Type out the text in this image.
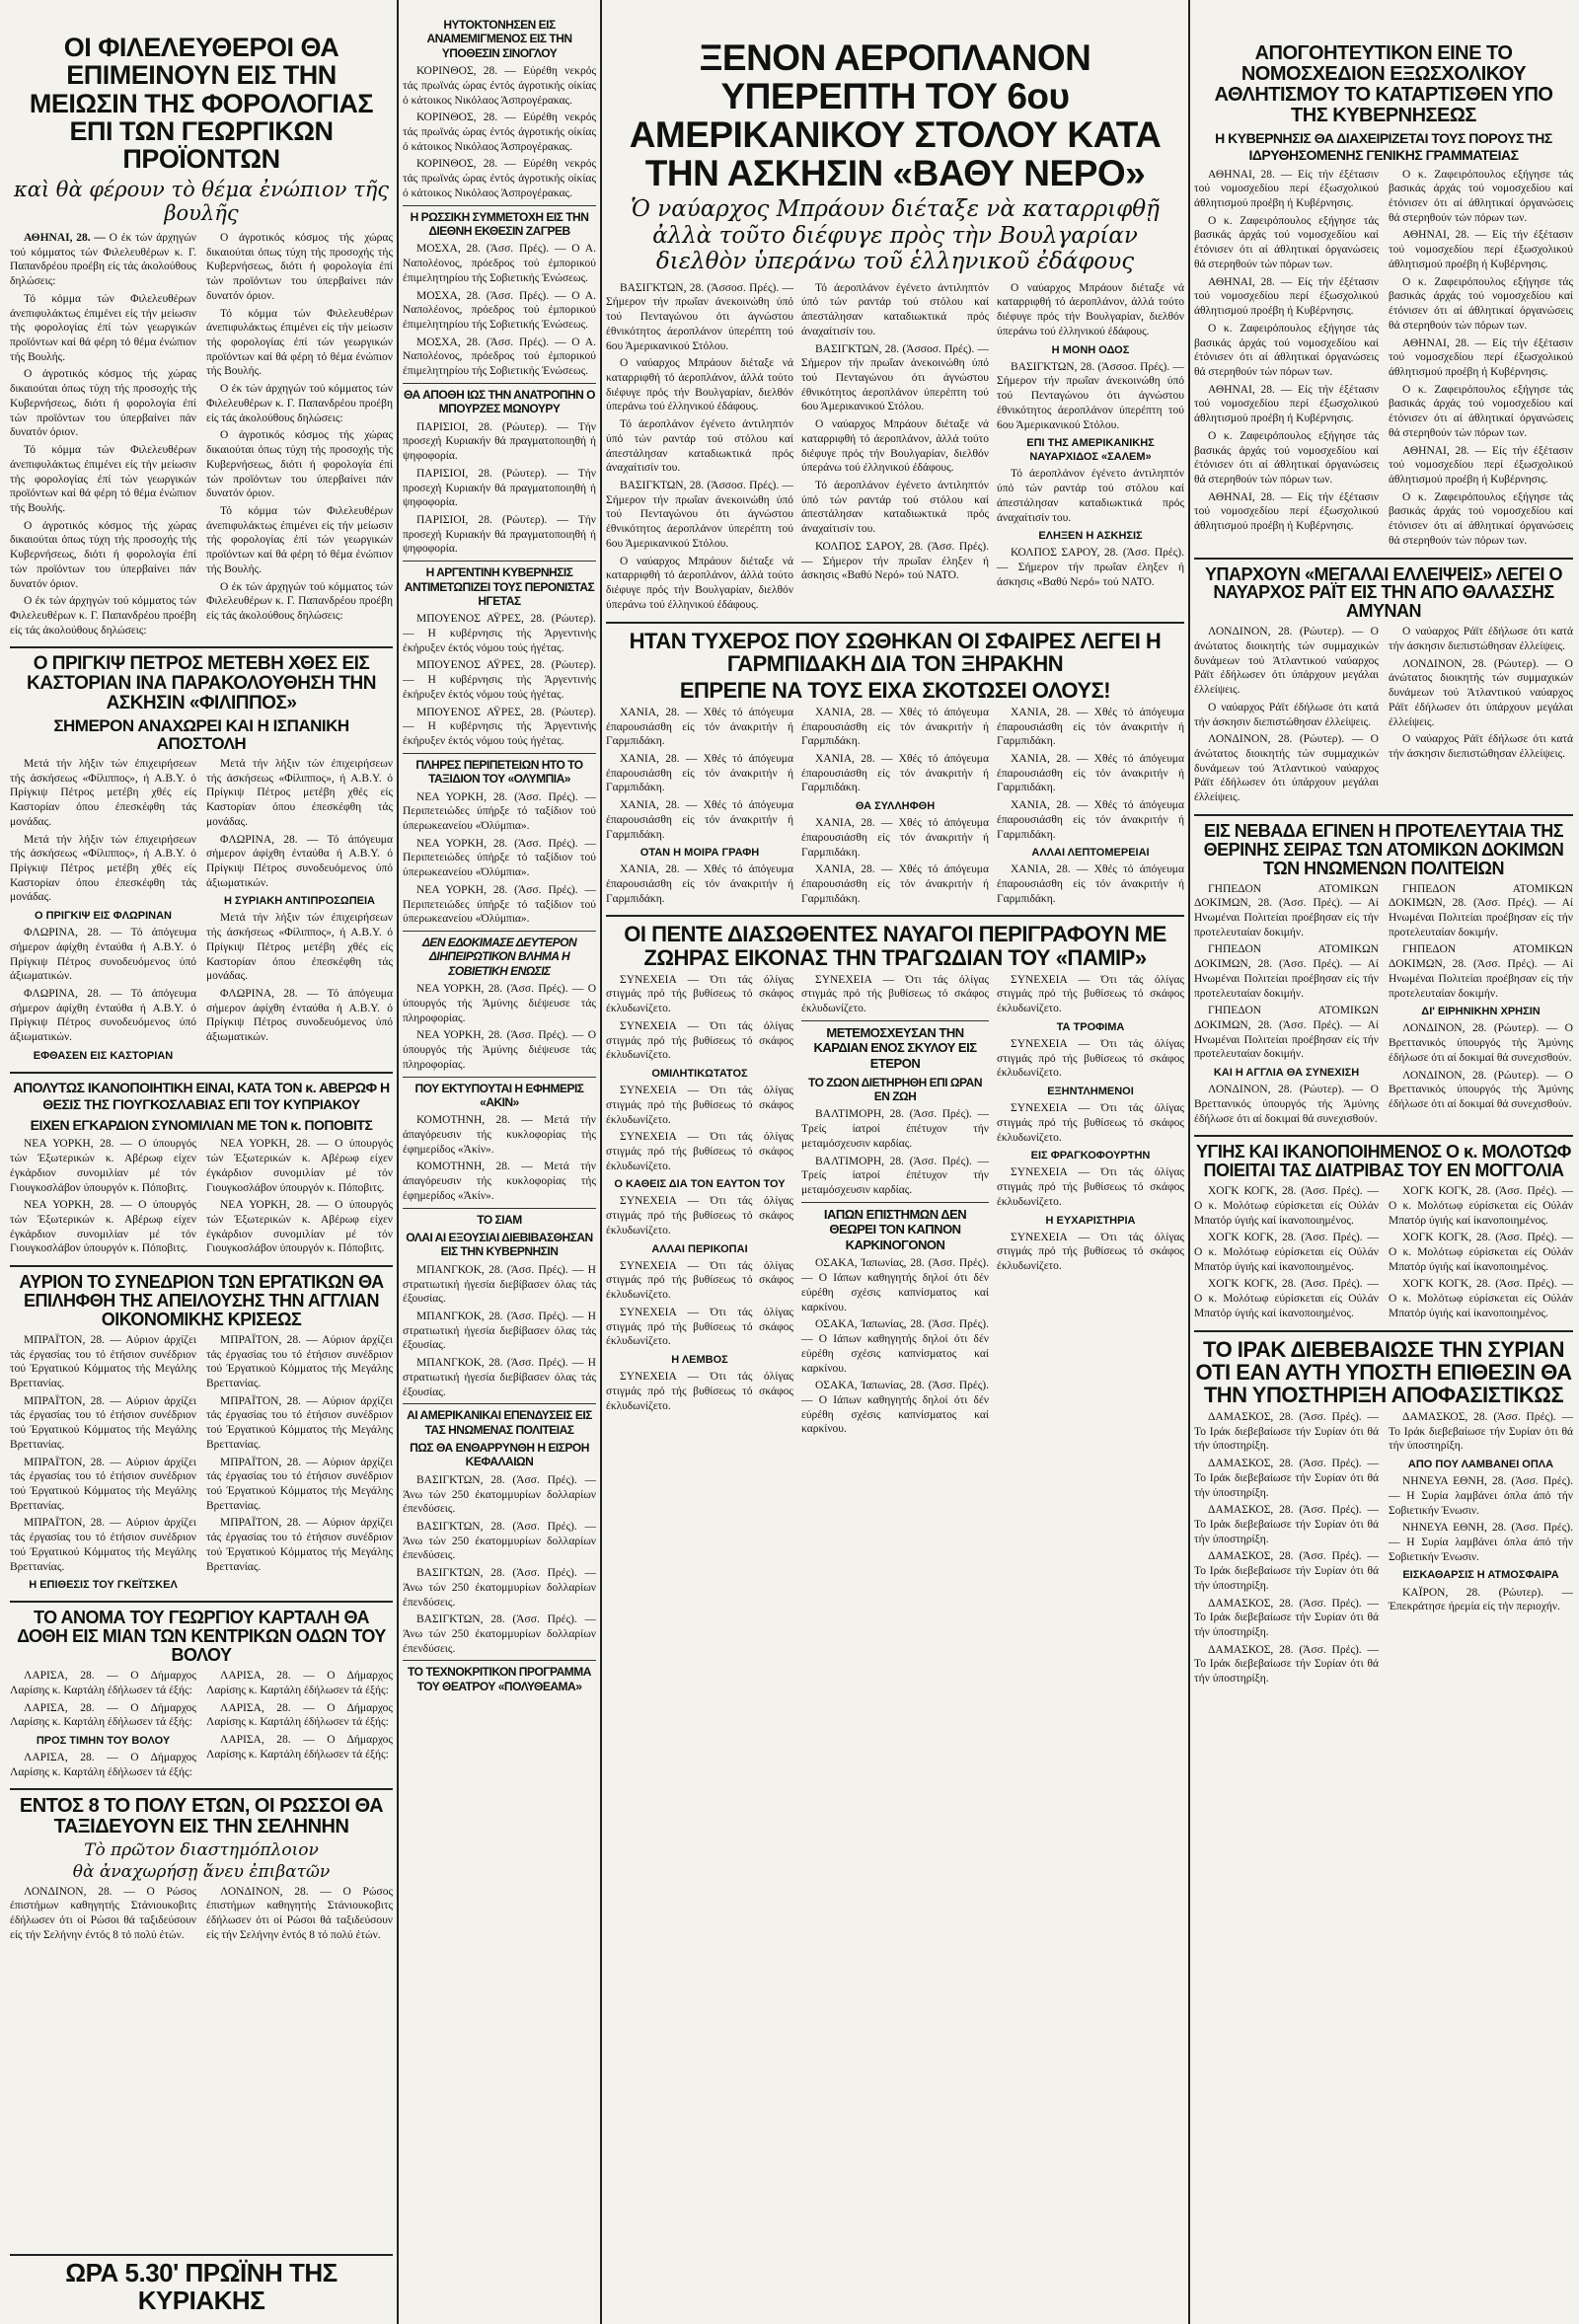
ΟΙ ΦΙΛΕΛΕΥΘΕΡΟΙ ΘΑ ΕΠΙΜΕΙΝΟΥΝ ΕΙΣ ΤΗΝ ΜΕΙΩΣΙΝ ΤΗΣ ΦΟΡΟΛΟΓΙΑΣ ΕΠΙ ΤΩΝ ΓΕΩΡΓΙΚΩΝ ΠΡΟΪΟΝΤΩΝ
καὶ θὰ φέρουν τὸ θέμα ἐνώπιον τῆς βουλῆς

ΑΘΗΝΑΙ, 28. — Ο έκ τών άρχηγών τού κόμματος τών Φιλελευθέρων κ. Γ. Παπανδρέου προέβη είς τάς άκολούθους δηλώσεις:

Τό κόμμα τών Φιλελευθέρων άνεπιφυλάκτως έπιμένει είς τήν μείωσιν τής φορολογίας έπί τών γεωργικών προϊόντων καί θά φέρη τό θέμα ένώπιον τής Βουλής.

Ο άγροτικός κόσμος τής χώρας δικαιούται όπως τύχη τής προσοχής τής Κυβερνήσεως, διότι ή φορολογία έπί τών προϊόντων του ύπερβαίνει πάν δυνατόν όριον.

Τό κόμμα τών Φιλελευθέρων άνεπιφυλάκτως έπιμένει είς τήν μείωσιν τής φορολογίας έπί τών γεωργικών προϊόντων καί θά φέρη τό θέμα ένώπιον τής Βουλής.

Ο άγροτικός κόσμος τής χώρας δικαιούται όπως τύχη τής προσοχής τής Κυβερνήσεως, διότι ή φορολογία έπί τών προϊόντων του ύπερβαίνει πάν δυνατόν όριον.

Ο έκ τών άρχηγών τού κόμματος τών Φιλελευθέρων κ. Γ. Παπανδρέου προέβη είς τάς άκολούθους δηλώσεις:

Ο άγροτικός κόσμος τής χώρας δικαιούται όπως τύχη τής προσοχής τής Κυβερνήσεως, διότι ή φορολογία έπί τών προϊόντων του ύπερβαίνει πάν δυνατόν όριον.

Τό κόμμα τών Φιλελευθέρων άνεπιφυλάκτως έπιμένει είς τήν μείωσιν τής φορολογίας έπί τών γεωργικών προϊόντων καί θά φέρη τό θέμα ένώπιον τής Βουλής.

Ο έκ τών άρχηγών τού κόμματος τών Φιλελευθέρων κ. Γ. Παπανδρέου προέβη είς τάς άκολούθους δηλώσεις:

Ο άγροτικός κόσμος τής χώρας δικαιούται όπως τύχη τής προσοχής τής Κυβερνήσεως, διότι ή φορολογία έπί τών προϊόντων του ύπερβαίνει πάν δυνατόν όριον.

Τό κόμμα τών Φιλελευθέρων άνεπιφυλάκτως έπιμένει είς τήν μείωσιν τής φορολογίας έπί τών γεωργικών προϊόντων καί θά φέρη τό θέμα ένώπιον τής Βουλής.

Ο έκ τών άρχηγών τού κόμματος τών Φιλελευθέρων κ. Γ. Παπανδρέου προέβη είς τάς άκολούθους δηλώσεις:

Ο ΠΡΙΓΚΙΨ ΠΕΤΡΟΣ ΜΕΤΕΒΗ ΧΘΕΣ ΕΙΣ ΚΑΣΤΟΡΙΑΝ ΙΝΑ ΠΑΡΑΚΟΛΟΥΘΗΣΗ ΤΗΝ ΑΣΚΗΣΙΝ «ΦΙΛΙΠΠΟΣ»
ΣΗΜΕΡΟΝ ΑΝΑΧΩΡΕΙ ΚΑΙ Η ΙΣΠΑΝΙΚΗ ΑΠΟΣΤΟΛΗ

Μετά τήν λήξιν τών έπιχειρήσεων τής άσκήσεως «Φίλιππος», ή Α.Β.Υ. ό Πρίγκιψ Πέτρος μετέβη χθές είς Καστορίαν όπου έπεσκέφθη τάς μονάδας.

Μετά τήν λήξιν τών έπιχειρήσεων τής άσκήσεως «Φίλιππος», ή Α.Β.Υ. ό Πρίγκιψ Πέτρος μετέβη χθές είς Καστορίαν όπου έπεσκέφθη τάς μονάδας.

Ο ΠΡΙΓΚΙΨ ΕΙΣ ΦΛΩΡΙΝΑΝ

ΦΛΩΡΙΝΑ, 28. — Τό άπόγευμα σήμερον άφίχθη ένταύθα ή Α.Β.Υ. ό Πρίγκιψ Πέτρος συνοδευόμενος ύπό άξιωματικών.

ΦΛΩΡΙΝΑ, 28. — Τό άπόγευμα σήμερον άφίχθη ένταύθα ή Α.Β.Υ. ό Πρίγκιψ Πέτρος συνοδευόμενος ύπό άξιωματικών.

ΕΦΘΑΣΕΝ ΕΙΣ ΚΑΣΤΟΡΙΑΝ

Μετά τήν λήξιν τών έπιχειρήσεων τής άσκήσεως «Φίλιππος», ή Α.Β.Υ. ό Πρίγκιψ Πέτρος μετέβη χθές είς Καστορίαν όπου έπεσκέφθη τάς μονάδας.

ΦΛΩΡΙΝΑ, 28. — Τό άπόγευμα σήμερον άφίχθη ένταύθα ή Α.Β.Υ. ό Πρίγκιψ Πέτρος συνοδευόμενος ύπό άξιωματικών.

Η ΣΥΡΙΑΚΗ ΑΝΤΙΠΡΟΣΩΠΕΙΑ

Μετά τήν λήξιν τών έπιχειρήσεων τής άσκήσεως «Φίλιππος», ή Α.Β.Υ. ό Πρίγκιψ Πέτρος μετέβη χθές είς Καστορίαν όπου έπεσκέφθη τάς μονάδας.

ΦΛΩΡΙΝΑ, 28. — Τό άπόγευμα σήμερον άφίχθη ένταύθα ή Α.Β.Υ. ό Πρίγκιψ Πέτρος συνοδευόμενος ύπό άξιωματικών.

ΑΠΟΛΥΤΩΣ ΙΚΑΝΟΠΟΙΗΤΙΚΗ ΕΙΝΑΙ, ΚΑΤΑ ΤΟΝ κ. ΑΒΕΡΩΦ Η ΘΕΣΙΣ ΤΗΣ ΓΙΟΥΓΚΟΣΛΑΒΙΑΣ ΕΠΙ ΤΟΥ ΚΥΠΡΙΑΚΟΥ
ΕΙΧΕΝ ΕΓΚΑΡΔΙΟΝ ΣΥΝΟΜΙΛΙΑΝ ΜΕ ΤΟΝ κ. ΠΟΠΟΒΙΤΣ

ΝΕΑ ΥΟΡΚΗ, 28. — Ο ύπουργός τών Έξωτερικών κ. Αβέρωφ είχεν έγκάρδιον συνομιλίαν μέ τόν Γιουγκοσλάβον ύπουργόν κ. Πόποβιτς.

ΝΕΑ ΥΟΡΚΗ, 28. — Ο ύπουργός τών Έξωτερικών κ. Αβέρωφ είχεν έγκάρδιον συνομιλίαν μέ τόν Γιουγκοσλάβον ύπουργόν κ. Πόποβιτς.

ΝΕΑ ΥΟΡΚΗ, 28. — Ο ύπουργός τών Έξωτερικών κ. Αβέρωφ είχεν έγκάρδιον συνομιλίαν μέ τόν Γιουγκοσλάβον ύπουργόν κ. Πόποβιτς.

ΝΕΑ ΥΟΡΚΗ, 28. — Ο ύπουργός τών Έξωτερικών κ. Αβέρωφ είχεν έγκάρδιον συνομιλίαν μέ τόν Γιουγκοσλάβον ύπουργόν κ. Πόποβιτς.

ΑΥΡΙΟΝ ΤΟ ΣΥΝΕΔΡΙΟΝ ΤΩΝ ΕΡΓΑΤΙΚΩΝ ΘΑ ΕΠΙΛΗΦΘΗ ΤΗΣ ΑΠΕΙΛΟΥΣΗΣ ΤΗΝ ΑΓΓΛΙΑΝ ΟΙΚΟΝΟΜΙΚΗΣ ΚΡΙΣΕΩΣ

ΜΠΡΑΪΤΟΝ, 28. — Αύριον άρχίζει τάς έργασίας του τό έτήσιον συνέδριον τού Έργατικού Κόμματος τής Μεγάλης Βρεττανίας.

ΜΠΡΑΪΤΟΝ, 28. — Αύριον άρχίζει τάς έργασίας του τό έτήσιον συνέδριον τού Έργατικού Κόμματος τής Μεγάλης Βρεττανίας.

ΜΠΡΑΪΤΟΝ, 28. — Αύριον άρχίζει τάς έργασίας του τό έτήσιον συνέδριον τού Έργατικού Κόμματος τής Μεγάλης Βρεττανίας.

ΜΠΡΑΪΤΟΝ, 28. — Αύριον άρχίζει τάς έργασίας του τό έτήσιον συνέδριον τού Έργατικού Κόμματος τής Μεγάλης Βρεττανίας.

Η ΕΠΙΘΕΣΙΣ ΤΟΥ ΓΚΕΪΤΣΚΕΛ

ΜΠΡΑΪΤΟΝ, 28. — Αύριον άρχίζει τάς έργασίας του τό έτήσιον συνέδριον τού Έργατικού Κόμματος τής Μεγάλης Βρεττανίας.

ΜΠΡΑΪΤΟΝ, 28. — Αύριον άρχίζει τάς έργασίας του τό έτήσιον συνέδριον τού Έργατικού Κόμματος τής Μεγάλης Βρεττανίας.

ΜΠΡΑΪΤΟΝ, 28. — Αύριον άρχίζει τάς έργασίας του τό έτήσιον συνέδριον τού Έργατικού Κόμματος τής Μεγάλης Βρεττανίας.

ΜΠΡΑΪΤΟΝ, 28. — Αύριον άρχίζει τάς έργασίας του τό έτήσιον συνέδριον τού Έργατικού Κόμματος τής Μεγάλης Βρεττανίας.

ΤΟ ΑΝΟΜΑ ΤΟΥ ΓΕΩΡΓΙΟΥ ΚΑΡΤΑΛΗ ΘΑ ΔΟΘΗ ΕΙΣ ΜΙΑΝ ΤΩΝ ΚΕΝΤΡΙΚΩΝ ΟΔΩΝ ΤΟΥ ΒΟΛΟΥ

ΛΑΡΙΣΑ, 28. — Ο Δήμαρχος Λαρίσης κ. Καρτάλη έδήλωσεν τά έξής:

ΛΑΡΙΣΑ, 28. — Ο Δήμαρχος Λαρίσης κ. Καρτάλη έδήλωσεν τά έξής:

ΠΡΟΣ ΤΙΜΗΝ ΤΟΥ ΒΟΛΟΥ

ΛΑΡΙΣΑ, 28. — Ο Δήμαρχος Λαρίσης κ. Καρτάλη έδήλωσεν τά έξής:

ΛΑΡΙΣΑ, 28. — Ο Δήμαρχος Λαρίσης κ. Καρτάλη έδήλωσεν τά έξής:

ΛΑΡΙΣΑ, 28. — Ο Δήμαρχος Λαρίσης κ. Καρτάλη έδήλωσεν τά έξής:

ΛΑΡΙΣΑ, 28. — Ο Δήμαρχος Λαρίσης κ. Καρτάλη έδήλωσεν τά έξής:

ΕΝΤΟΣ 8 ΤΟ ΠΟΛΥ ΕΤΩΝ, ΟΙ ΡΩΣΣΟΙ ΘΑ ΤΑΞΙΔΕΥΟΥΝ ΕΙΣ ΤΗΝ ΣΕΛΗΝΗΝ
Τὸ πρῶτον διαστημόπλοιον
θὰ ἀναχωρήσῃ ἄνευ ἐπιβατῶν

ΛΟΝΔΙΝΟΝ, 28. — Ο Ρώσος έπιστήμων καθηγητής Στάνιουκοβιτς έδήλωσεν ότι οί Ρώσοι θά ταξιδεύσουν είς τήν Σελήνην έντός 8 τό πολύ έτών.

ΛΟΝΔΙΝΟΝ, 28. — Ο Ρώσος έπιστήμων καθηγητής Στάνιουκοβιτς έδήλωσεν ότι οί Ρώσοι θά ταξιδεύσουν είς τήν Σελήνην έντός 8 τό πολύ έτών.

ΩΡΑ 5.30' ΠΡΩΪΝΗ ΤΗΣ ΚΥΡΙΑΚΗΣ
ΗΥΤΟΚΤΟΝΗΣΕΝ ΕΙΣ ΑΝΑΜΕΜΙΓΜΕΝΟΣ ΕΙΣ ΤΗΝ ΥΠΟΘΕΣΙΝ ΣΙΝΟΓΛΟΥ

ΚΟΡΙΝΘΟΣ, 28. — Εύρέθη νεκρός τάς πρωϊνάς ώρας έντός άγροτικής οίκίας ό κάτοικος Νικόλαος Άσπρογέρακας.

ΚΟΡΙΝΘΟΣ, 28. — Εύρέθη νεκρός τάς πρωϊνάς ώρας έντός άγροτικής οίκίας ό κάτοικος Νικόλαος Άσπρογέρακας.

ΚΟΡΙΝΘΟΣ, 28. — Εύρέθη νεκρός τάς πρωϊνάς ώρας έντός άγροτικής οίκίας ό κάτοικος Νικόλαος Άσπρογέρακας.

Η ΡΩΣΣΙΚΗ ΣΥΜΜΕΤΟΧΗ ΕΙΣ ΤΗΝ ΔΙΕΘΝΗ ΕΚΘΕΣΙΝ ΖΑΓΡΕΒ

ΜΟΣΧΑ, 28. (Άσσ. Πρές). — Ο Α. Ναπολέονος, πρόεδρος τού έμπορικού έπιμελητηρίου τής Σοβιετικής Ένώσεως.

ΜΟΣΧΑ, 28. (Άσσ. Πρές). — Ο Α. Ναπολέονος, πρόεδρος τού έμπορικού έπιμελητηρίου τής Σοβιετικής Ένώσεως.

ΜΟΣΧΑ, 28. (Άσσ. Πρές). — Ο Α. Ναπολέονος, πρόεδρος τού έμπορικού έπιμελητηρίου τής Σοβιετικής Ένώσεως.

ΘΑ ΑΠΟΘΗ ΙΩΣ ΤΗΝ ΑΝΑΤΡΟΠΗΝ Ο ΜΠΟΥΡΖΕΣ ΜΩΝΟΥΡΥ

ΠΑΡΙΣΙΟΙ, 28. (Ρώυτερ). — Τήν προσεχή Κυριακήν θά πραγματοποιηθή ή ψηφοφορία.

ΠΑΡΙΣΙΟΙ, 28. (Ρώυτερ). — Τήν προσεχή Κυριακήν θά πραγματοποιηθή ή ψηφοφορία.

ΠΑΡΙΣΙΟΙ, 28. (Ρώυτερ). — Τήν προσεχή Κυριακήν θά πραγματοποιηθή ή ψηφοφορία.

Η ΑΡΓΕΝΤΙΝΗ ΚΥΒΕΡΝΗΣΙΣ ΑΝΤΙΜΕΤΩΠΙΖΕΙ ΤΟΥΣ ΠΕΡΟΝΙΣΤΑΣ ΗΓΕΤΑΣ

ΜΠΟΥΕΝΟΣ ΑΫΡΕΣ, 28. (Ρώυτερ). — Η κυβέρνησις τής Άργεντινής έκήρυξεν έκτός νόμου τούς ήγέτας.

ΜΠΟΥΕΝΟΣ ΑΫΡΕΣ, 28. (Ρώυτερ). — Η κυβέρνησις τής Άργεντινής έκήρυξεν έκτός νόμου τούς ήγέτας.

ΜΠΟΥΕΝΟΣ ΑΫΡΕΣ, 28. (Ρώυτερ). — Η κυβέρνησις τής Άργεντινής έκήρυξεν έκτός νόμου τούς ήγέτας.

ΠΛΗΡΕΣ ΠΕΡΙΠΕΤΕΙΩΝ ΗΤΟ ΤΟ ΤΑΞΙΔΙΟΝ ΤΟΥ «ΟΛΥΜΠΙΑ»

ΝΕΑ ΥΟΡΚΗ, 28. (Άσσ. Πρές). — Περιπετειώδες ύπήρξε τό ταξίδιον τού ύπερωκεανείου «Όλύμπια».

ΝΕΑ ΥΟΡΚΗ, 28. (Άσσ. Πρές). — Περιπετειώδες ύπήρξε τό ταξίδιον τού ύπερωκεανείου «Όλύμπια».

ΝΕΑ ΥΟΡΚΗ, 28. (Άσσ. Πρές). — Περιπετειώδες ύπήρξε τό ταξίδιον τού ύπερωκεανείου «Όλύμπια».

ΔΕΝ ΕΔΟΚΙΜΑΣΕ ΔΕΥΤΕΡΟΝ ΔΙΗΠΕΙΡΩΤΙΚΟΝ ΒΛΗΜΑ Η ΣΟΒΙΕΤΙΚΗ ΕΝΩΣΙΣ

ΝΕΑ ΥΟΡΚΗ, 28. (Άσσ. Πρές). — Ο ύπουργός τής Άμύνης διέψευσε τάς πληροφορίας.

ΝΕΑ ΥΟΡΚΗ, 28. (Άσσ. Πρές). — Ο ύπουργός τής Άμύνης διέψευσε τάς πληροφορίας.

ΠΟΥ ΕΚΤΥΠΟΥΤΑΙ Η ΕΦΗΜΕΡΙΣ «ΑΚΙΝ»

ΚΟΜΟΤΗΝΗ, 28. — Μετά τήν άπαγόρευσιν τής κυκλοφορίας τής έφημερίδος «Άκίν».

ΚΟΜΟΤΗΝΗ, 28. — Μετά τήν άπαγόρευσιν τής κυκλοφορίας τής έφημερίδος «Άκίν».

ΤΟ ΣΙΑΜ
ΟΛΑΙ ΑΙ ΕΞΟΥΣΙΑΙ ΔΙΕΒΙΒΑΣΘΗΣΑΝ ΕΙΣ ΤΗΝ ΚΥΒΕΡΝΗΣΙΝ

ΜΠΑΝΓΚΟΚ, 28. (Άσσ. Πρές). — Η στρατιωτική ήγεσία διεβίβασεν όλας τάς έξουσίας.

ΜΠΑΝΓΚΟΚ, 28. (Άσσ. Πρές). — Η στρατιωτική ήγεσία διεβίβασεν όλας τάς έξουσίας.

ΜΠΑΝΓΚΟΚ, 28. (Άσσ. Πρές). — Η στρατιωτική ήγεσία διεβίβασεν όλας τάς έξουσίας.

ΑΙ ΑΜΕΡΙΚΑΝΙΚΑΙ ΕΠΕΝΔΥΣΕΙΣ ΕΙΣ ΤΑΣ ΗΝΩΜΕΝΑΣ ΠΟΛΙΤΕΙΑΣ
ΠΩΣ ΘΑ ΕΝΘΑΡΡΥΝΘΗ Η ΕΙΣΡΟΗ ΚΕΦΑΛΑΙΩΝ

ΒΑΣΙΓΚΤΩΝ, 28. (Άσσ. Πρές). — Άνω τών 250 έκατομμυρίων δολλαρίων έπενδύσεις.

ΒΑΣΙΓΚΤΩΝ, 28. (Άσσ. Πρές). — Άνω τών 250 έκατομμυρίων δολλαρίων έπενδύσεις.

ΒΑΣΙΓΚΤΩΝ, 28. (Άσσ. Πρές). — Άνω τών 250 έκατομμυρίων δολλαρίων έπενδύσεις.

ΒΑΣΙΓΚΤΩΝ, 28. (Άσσ. Πρές). — Άνω τών 250 έκατομμυρίων δολλαρίων έπενδύσεις.

ΤΟ ΤΕΧΝΟΚΡΙΤΙΚΟΝ ΠΡΟΓΡΑΜΜΑ ΤΟΥ ΘΕΑΤΡΟΥ «ΠΟΛΥΘΕΑΜΑ»
ΞΕΝΟΝ ΑΕΡΟΠΛΑΝΟΝ ΥΠΕΡΕΠΤΗ ΤΟΥ 6ου ΑΜΕΡΙΚΑΝΙΚΟΥ ΣΤΟΛΟΥ ΚΑΤΑ ΤΗΝ ΑΣΚΗΣΙΝ «ΒΑΘΥ ΝΕΡΟ»
Ὁ ναύαρχος Μπράουν διέταξε νὰ καταρριφθῇ ἀλλὰ τοῦτο διέφυγε πρὸς τὴν Βουλγαρίαν διελθὸν ὑπεράνω τοῦ ἑλληνικοῦ ἐδάφους

ΒΑΣΙΓΚΤΩΝ, 28. (Άσσοσ. Πρές). — Σήμερον τήν πρωΐαν άνεκοινώθη ύπό τού Πενταγώνου ότι άγνώστου έθνικότητος άεροπλάνον ύπερέπτη τού 6ου Άμερικανικού Στόλου.

Ο ναύαρχος Μπράουν διέταξε νά καταρριφθή τό άεροπλάνον, άλλά τούτο διέφυγε πρός τήν Βουλγαρίαν, διελθόν ύπεράνω τού έλληνικού έδάφους.

Τό άεροπλάνον έγένετο άντιληπτόν ύπό τών ραντάρ τού στόλου καί άπεστάλησαν καταδιωκτικά πρός άναχαίτισίν του.

ΒΑΣΙΓΚΤΩΝ, 28. (Άσσοσ. Πρές). — Σήμερον τήν πρωΐαν άνεκοινώθη ύπό τού Πενταγώνου ότι άγνώστου έθνικότητος άεροπλάνον ύπερέπτη τού 6ου Άμερικανικού Στόλου.

Ο ναύαρχος Μπράουν διέταξε νά καταρριφθή τό άεροπλάνον, άλλά τούτο διέφυγε πρός τήν Βουλγαρίαν, διελθόν ύπεράνω τού έλληνικού έδάφους.

Τό άεροπλάνον έγένετο άντιληπτόν ύπό τών ραντάρ τού στόλου καί άπεστάλησαν καταδιωκτικά πρός άναχαίτισίν του.

ΒΑΣΙΓΚΤΩΝ, 28. (Άσσοσ. Πρές). — Σήμερον τήν πρωΐαν άνεκοινώθη ύπό τού Πενταγώνου ότι άγνώστου έθνικότητος άεροπλάνον ύπερέπτη τού 6ου Άμερικανικού Στόλου.

Ο ναύαρχος Μπράουν διέταξε νά καταρριφθή τό άεροπλάνον, άλλά τούτο διέφυγε πρός τήν Βουλγαρίαν, διελθόν ύπεράνω τού έλληνικού έδάφους.

Τό άεροπλάνον έγένετο άντιληπτόν ύπό τών ραντάρ τού στόλου καί άπεστάλησαν καταδιωκτικά πρός άναχαίτισίν του.

ΚΟΛΠΟΣ ΣΑΡΟΥ, 28. (Άσσ. Πρές). — Σήμερον τήν πρωΐαν έληξεν ή άσκησις «Βαθύ Νερό» τού ΝΑΤΟ.

Ο ναύαρχος Μπράουν διέταξε νά καταρριφθή τό άεροπλάνον, άλλά τούτο διέφυγε πρός τήν Βουλγαρίαν, διελθόν ύπεράνω τού έλληνικού έδάφους.

Η ΜΟΝΗ ΟΔΟΣ

ΒΑΣΙΓΚΤΩΝ, 28. (Άσσοσ. Πρές). — Σήμερον τήν πρωΐαν άνεκοινώθη ύπό τού Πενταγώνου ότι άγνώστου έθνικότητος άεροπλάνον ύπερέπτη τού 6ου Άμερικανικού Στόλου.

ΕΠΙ ΤΗΣ ΑΜΕΡΙΚΑΝΙΚΗΣ ΝΑΥΑΡΧΙΔΟΣ «ΣΑΛΕΜ»

Τό άεροπλάνον έγένετο άντιληπτόν ύπό τών ραντάρ τού στόλου καί άπεστάλησαν καταδιωκτικά πρός άναχαίτισίν του.

ΕΛΗΞΕΝ Η ΑΣΚΗΣΙΣ

ΚΟΛΠΟΣ ΣΑΡΟΥ, 28. (Άσσ. Πρές). — Σήμερον τήν πρωΐαν έληξεν ή άσκησις «Βαθύ Νερό» τού ΝΑΤΟ.

ΗΤΑΝ ΤΥΧΕΡΟΣ ΠΟΥ ΣΩΘΗΚΑΝ ΟΙ ΣΦΑΙΡΕΣ ΛΕΓΕΙ Η ΓΑΡΜΠΙΔΑΚΗ ΔΙΑ ΤΟΝ ΞΗΡΑΚΗΝ
ΕΠΡΕΠΕ ΝΑ ΤΟΥΣ ΕΙΧΑ ΣΚΟΤΩΣΕΙ ΟΛΟΥΣ!

ΧΑΝΙΑ, 28. — Χθές τό άπόγευμα έπαρουσιάσθη είς τόν άνακριτήν ή Γαρμπιδάκη.

ΧΑΝΙΑ, 28. — Χθές τό άπόγευμα έπαρουσιάσθη είς τόν άνακριτήν ή Γαρμπιδάκη.

ΧΑΝΙΑ, 28. — Χθές τό άπόγευμα έπαρουσιάσθη είς τόν άνακριτήν ή Γαρμπιδάκη.

ΟΤΑΝ Η ΜΟΙΡΑ ΓΡΑΦΗ

ΧΑΝΙΑ, 28. — Χθές τό άπόγευμα έπαρουσιάσθη είς τόν άνακριτήν ή Γαρμπιδάκη.

ΧΑΝΙΑ, 28. — Χθές τό άπόγευμα έπαρουσιάσθη είς τόν άνακριτήν ή Γαρμπιδάκη.

ΧΑΝΙΑ, 28. — Χθές τό άπόγευμα έπαρουσιάσθη είς τόν άνακριτήν ή Γαρμπιδάκη.

ΘΑ ΣΥΛΛΗΦΘΗ

ΧΑΝΙΑ, 28. — Χθές τό άπόγευμα έπαρουσιάσθη είς τόν άνακριτήν ή Γαρμπιδάκη.

ΧΑΝΙΑ, 28. — Χθές τό άπόγευμα έπαρουσιάσθη είς τόν άνακριτήν ή Γαρμπιδάκη.

ΧΑΝΙΑ, 28. — Χθές τό άπόγευμα έπαρουσιάσθη είς τόν άνακριτήν ή Γαρμπιδάκη.

ΧΑΝΙΑ, 28. — Χθές τό άπόγευμα έπαρουσιάσθη είς τόν άνακριτήν ή Γαρμπιδάκη.

ΧΑΝΙΑ, 28. — Χθές τό άπόγευμα έπαρουσιάσθη είς τόν άνακριτήν ή Γαρμπιδάκη.

ΑΛΛΑΙ ΛΕΠΤΟΜΕΡΕΙΑΙ

ΧΑΝΙΑ, 28. — Χθές τό άπόγευμα έπαρουσιάσθη είς τόν άνακριτήν ή Γαρμπιδάκη.

ΟΙ ΠΕΝΤΕ ΔΙΑΣΩΘΕΝΤΕΣ ΝΑΥΑΓΟΙ ΠΕΡΙΓΡΑΦΟΥΝ ΜΕ ΖΩΗΡΑΣ ΕΙΚΟΝΑΣ ΤΗΝ ΤΡΑΓΩΔΙΑΝ ΤΟΥ «ΠΑΜΙΡ»

ΣΥΝΕΧΕΙΑ — Ότι τάς όλίγας στιγμάς πρό τής βυθίσεως τό σκάφος έκλυδωνίζετο.

ΣΥΝΕΧΕΙΑ — Ότι τάς όλίγας στιγμάς πρό τής βυθίσεως τό σκάφος έκλυδωνίζετο.

ΟΜΙΛΗΤΙΚΩΤΑΤΟΣ

ΣΥΝΕΧΕΙΑ — Ότι τάς όλίγας στιγμάς πρό τής βυθίσεως τό σκάφος έκλυδωνίζετο.

ΣΥΝΕΧΕΙΑ — Ότι τάς όλίγας στιγμάς πρό τής βυθίσεως τό σκάφος έκλυδωνίζετο.

Ο ΚΑΘΕΙΣ ΔΙΑ ΤΟΝ ΕΑΥΤΟΝ ΤΟΥ

ΣΥΝΕΧΕΙΑ — Ότι τάς όλίγας στιγμάς πρό τής βυθίσεως τό σκάφος έκλυδωνίζετο.

ΑΛΛΑΙ ΠΕΡΙΚΟΠΑΙ

ΣΥΝΕΧΕΙΑ — Ότι τάς όλίγας στιγμάς πρό τής βυθίσεως τό σκάφος έκλυδωνίζετο.

ΣΥΝΕΧΕΙΑ — Ότι τάς όλίγας στιγμάς πρό τής βυθίσεως τό σκάφος έκλυδωνίζετο.

Η ΛΕΜΒΟΣ

ΣΥΝΕΧΕΙΑ — Ότι τάς όλίγας στιγμάς πρό τής βυθίσεως τό σκάφος έκλυδωνίζετο.

ΣΥΝΕΧΕΙΑ — Ότι τάς όλίγας στιγμάς πρό τής βυθίσεως τό σκάφος έκλυδωνίζετο.

ΜΕΤΕΜΟΣΧΕΥΣΑΝ ΤΗΝ ΚΑΡΔΙΑΝ ΕΝΟΣ ΣΚΥΛΟΥ ΕΙΣ ΕΤΕΡΟΝ
ΤΟ ΖΩΟΝ ΔΙΕΤΗΡΗΘΗ ΕΠΙ ΩΡΑΝ ΕΝ ΖΩΗ

ΒΑΛΤΙΜΟΡΗ, 28. (Άσσ. Πρές). — Τρείς ίατροί έπέτυχον τήν μεταμόσχευσιν καρδίας.

ΒΑΛΤΙΜΟΡΗ, 28. (Άσσ. Πρές). — Τρείς ίατροί έπέτυχον τήν μεταμόσχευσιν καρδίας.

ΙΑΠΩΝ ΕΠΙΣΤΗΜΩΝ ΔΕΝ ΘΕΩΡΕΙ ΤΟΝ ΚΑΠΝΟΝ ΚΑΡΚΙΝΟΓΟΝΟΝ

ΟΣΑΚΑ, Ίαπωνίας, 28. (Άσσ. Πρές). — Ο Ιάπων καθηγητής δηλοί ότι δέν εύρέθη σχέσις καπνίσματος καί καρκίνου.

ΟΣΑΚΑ, Ίαπωνίας, 28. (Άσσ. Πρές). — Ο Ιάπων καθηγητής δηλοί ότι δέν εύρέθη σχέσις καπνίσματος καί καρκίνου.

ΟΣΑΚΑ, Ίαπωνίας, 28. (Άσσ. Πρές). — Ο Ιάπων καθηγητής δηλοί ότι δέν εύρέθη σχέσις καπνίσματος καί καρκίνου.

ΣΥΝΕΧΕΙΑ — Ότι τάς όλίγας στιγμάς πρό τής βυθίσεως τό σκάφος έκλυδωνίζετο.

ΤΑ ΤΡΟΦΙΜΑ

ΣΥΝΕΧΕΙΑ — Ότι τάς όλίγας στιγμάς πρό τής βυθίσεως τό σκάφος έκλυδωνίζετο.

ΕΞΗΝΤΛΗΜΕΝΟΙ

ΣΥΝΕΧΕΙΑ — Ότι τάς όλίγας στιγμάς πρό τής βυθίσεως τό σκάφος έκλυδωνίζετο.

ΕΙΣ ΦΡΑΓΚΟΦΟΥΡΤΗΝ

ΣΥΝΕΧΕΙΑ — Ότι τάς όλίγας στιγμάς πρό τής βυθίσεως τό σκάφος έκλυδωνίζετο.

Η ΕΥΧΑΡΙΣΤΗΡΙΑ

ΣΥΝΕΧΕΙΑ — Ότι τάς όλίγας στιγμάς πρό τής βυθίσεως τό σκάφος έκλυδωνίζετο.

ΑΠΟΓΟΗΤΕΥΤΙΚΟΝ ΕΙΝΕ ΤΟ ΝΟΜΟΣΧΕΔΙΟΝ ΕΞΩΣΧΟΛΙΚΟΥ ΑΘΛΗΤΙΣΜΟΥ ΤΟ ΚΑΤΑΡΤΙΣΘΕΝ ΥΠΟ ΤΗΣ ΚΥΒΕΡΝΗΣΕΩΣ
Η ΚΥΒΕΡΝΗΣΙΣ ΘΑ ΔΙΑΧΕΙΡΙΖΕΤΑΙ ΤΟΥΣ ΠΟΡΟΥΣ ΤΗΣ ΙΔΡΥΘΗΣΟΜΕΝΗΣ ΓΕΝΙΚΗΣ ΓΡΑΜΜΑΤΕΙΑΣ

ΑΘΗΝΑΙ, 28. — Είς τήν έξέτασιν τού νομοσχεδίου περί έξωσχολικού άθλητισμού προέβη ή Κυβέρνησις.

Ο κ. Ζαφειρόπουλος εξήγησε τάς βασικάς άρχάς τού νομοσχεδίου καί έτόνισεν ότι αί άθλητικαί όργανώσεις θά στερηθούν τών πόρων των.

ΑΘΗΝΑΙ, 28. — Είς τήν έξέτασιν τού νομοσχεδίου περί έξωσχολικού άθλητισμού προέβη ή Κυβέρνησις.

Ο κ. Ζαφειρόπουλος εξήγησε τάς βασικάς άρχάς τού νομοσχεδίου καί έτόνισεν ότι αί άθλητικαί όργανώσεις θά στερηθούν τών πόρων των.

ΑΘΗΝΑΙ, 28. — Είς τήν έξέτασιν τού νομοσχεδίου περί έξωσχολικού άθλητισμού προέβη ή Κυβέρνησις.

Ο κ. Ζαφειρόπουλος εξήγησε τάς βασικάς άρχάς τού νομοσχεδίου καί έτόνισεν ότι αί άθλητικαί όργανώσεις θά στερηθούν τών πόρων των.

ΑΘΗΝΑΙ, 28. — Είς τήν έξέτασιν τού νομοσχεδίου περί έξωσχολικού άθλητισμού προέβη ή Κυβέρνησις.

Ο κ. Ζαφειρόπουλος εξήγησε τάς βασικάς άρχάς τού νομοσχεδίου καί έτόνισεν ότι αί άθλητικαί όργανώσεις θά στερηθούν τών πόρων των.

ΑΘΗΝΑΙ, 28. — Είς τήν έξέτασιν τού νομοσχεδίου περί έξωσχολικού άθλητισμού προέβη ή Κυβέρνησις.

Ο κ. Ζαφειρόπουλος εξήγησε τάς βασικάς άρχάς τού νομοσχεδίου καί έτόνισεν ότι αί άθλητικαί όργανώσεις θά στερηθούν τών πόρων των.

ΑΘΗΝΑΙ, 28. — Είς τήν έξέτασιν τού νομοσχεδίου περί έξωσχολικού άθλητισμού προέβη ή Κυβέρνησις.

Ο κ. Ζαφειρόπουλος εξήγησε τάς βασικάς άρχάς τού νομοσχεδίου καί έτόνισεν ότι αί άθλητικαί όργανώσεις θά στερηθούν τών πόρων των.

ΑΘΗΝΑΙ, 28. — Είς τήν έξέτασιν τού νομοσχεδίου περί έξωσχολικού άθλητισμού προέβη ή Κυβέρνησις.

Ο κ. Ζαφειρόπουλος εξήγησε τάς βασικάς άρχάς τού νομοσχεδίου καί έτόνισεν ότι αί άθλητικαί όργανώσεις θά στερηθούν τών πόρων των.

ΥΠΑΡΧΟΥΝ «ΜΕΓΑΛΑΙ ΕΛΛΕΙΨΕΙΣ» ΛΕΓΕΙ Ο ΝΑΥΑΡΧΟΣ ΡΑΪΤ ΕΙΣ ΤΗΝ ΑΠΟ ΘΑΛΑΣΣΗΣ ΑΜΥΝΑΝ

ΛΟΝΔΙΝΟΝ, 28. (Ρώυτερ). — Ο άνώτατος διοικητής τών συμμαχικών δυνάμεων τού Άτλαντικού ναύαρχος Ράϊτ έδήλωσεν ότι ύπάρχουν μεγάλαι έλλείψεις.

Ο ναύαρχος Ράϊτ έδήλωσε ότι κατά τήν άσκησιν διεπιστώθησαν έλλείψεις.

ΛΟΝΔΙΝΟΝ, 28. (Ρώυτερ). — Ο άνώτατος διοικητής τών συμμαχικών δυνάμεων τού Άτλαντικού ναύαρχος Ράϊτ έδήλωσεν ότι ύπάρχουν μεγάλαι έλλείψεις.

Ο ναύαρχος Ράϊτ έδήλωσε ότι κατά τήν άσκησιν διεπιστώθησαν έλλείψεις.

ΛΟΝΔΙΝΟΝ, 28. (Ρώυτερ). — Ο άνώτατος διοικητής τών συμμαχικών δυνάμεων τού Άτλαντικού ναύαρχος Ράϊτ έδήλωσεν ότι ύπάρχουν μεγάλαι έλλείψεις.

Ο ναύαρχος Ράϊτ έδήλωσε ότι κατά τήν άσκησιν διεπιστώθησαν έλλείψεις.

ΕΙΣ ΝΕΒΑΔΑ ΕΓΙΝΕΝ Η ΠΡΟΤΕΛΕΥΤΑΙΑ ΤΗΣ ΘΕΡΙΝΗΣ ΣΕΙΡΑΣ ΤΩΝ ΑΤΟΜΙΚΩΝ ΔΟΚΙΜΩΝ ΤΩΝ ΗΝΩΜΕΝΩΝ ΠΟΛΙΤΕΙΩΝ

ΓΗΠΕΔΟΝ ΑΤΟΜΙΚΩΝ ΔΟΚΙΜΩΝ, 28. (Άσσ. Πρές). — Αί Ηνωμέναι Πολιτείαι προέβησαν είς τήν προτελευταίαν δοκιμήν.

ΓΗΠΕΔΟΝ ΑΤΟΜΙΚΩΝ ΔΟΚΙΜΩΝ, 28. (Άσσ. Πρές). — Αί Ηνωμέναι Πολιτείαι προέβησαν είς τήν προτελευταίαν δοκιμήν.

ΓΗΠΕΔΟΝ ΑΤΟΜΙΚΩΝ ΔΟΚΙΜΩΝ, 28. (Άσσ. Πρές). — Αί Ηνωμέναι Πολιτείαι προέβησαν είς τήν προτελευταίαν δοκιμήν.

ΚΑΙ Η ΑΓΓΛΙΑ ΘΑ ΣΥΝΕΧΙΣΗ

ΛΟΝΔΙΝΟΝ, 28. (Ρώυτερ). — Ο Βρεττανικός ύπουργός τής Άμύνης έδήλωσε ότι αί δοκιμαί θά συνεχισθούν.

ΓΗΠΕΔΟΝ ΑΤΟΜΙΚΩΝ ΔΟΚΙΜΩΝ, 28. (Άσσ. Πρές). — Αί Ηνωμέναι Πολιτείαι προέβησαν είς τήν προτελευταίαν δοκιμήν.

ΓΗΠΕΔΟΝ ΑΤΟΜΙΚΩΝ ΔΟΚΙΜΩΝ, 28. (Άσσ. Πρές). — Αί Ηνωμέναι Πολιτείαι προέβησαν είς τήν προτελευταίαν δοκιμήν.

ΔΙ' ΕΙΡΗΝΙΚΗΝ ΧΡΗΣΙΝ

ΛΟΝΔΙΝΟΝ, 28. (Ρώυτερ). — Ο Βρεττανικός ύπουργός τής Άμύνης έδήλωσε ότι αί δοκιμαί θά συνεχισθούν.

ΛΟΝΔΙΝΟΝ, 28. (Ρώυτερ). — Ο Βρεττανικός ύπουργός τής Άμύνης έδήλωσε ότι αί δοκιμαί θά συνεχισθούν.

ΥΓΙΗΣ ΚΑΙ ΙΚΑΝΟΠΟΙΗΜΕΝΟΣ Ο κ. ΜΟΛΟΤΩΦ ΠΟΙΕΙΤΑΙ ΤΑΣ ΔΙΑΤΡΙΒΑΣ ΤΟΥ ΕΝ ΜΟΓΓΟΛΙΑ

ΧΟΓΚ ΚΟΓΚ, 28. (Άσσ. Πρές). — Ο κ. Μολότωφ εύρίσκεται είς Ούλάν Μπατόρ ύγιής καί ίκανοποιημένος.

ΧΟΓΚ ΚΟΓΚ, 28. (Άσσ. Πρές). — Ο κ. Μολότωφ εύρίσκεται είς Ούλάν Μπατόρ ύγιής καί ίκανοποιημένος.

ΧΟΓΚ ΚΟΓΚ, 28. (Άσσ. Πρές). — Ο κ. Μολότωφ εύρίσκεται είς Ούλάν Μπατόρ ύγιής καί ίκανοποιημένος.

ΧΟΓΚ ΚΟΓΚ, 28. (Άσσ. Πρές). — Ο κ. Μολότωφ εύρίσκεται είς Ούλάν Μπατόρ ύγιής καί ίκανοποιημένος.

ΧΟΓΚ ΚΟΓΚ, 28. (Άσσ. Πρές). — Ο κ. Μολότωφ εύρίσκεται είς Ούλάν Μπατόρ ύγιής καί ίκανοποιημένος.

ΧΟΓΚ ΚΟΓΚ, 28. (Άσσ. Πρές). — Ο κ. Μολότωφ εύρίσκεται είς Ούλάν Μπατόρ ύγιής καί ίκανοποιημένος.

ΤΟ ΙΡΑΚ ΔΙΕΒΕΒΑΙΩΣΕ ΤΗΝ ΣΥΡΙΑΝ ΟΤΙ ΕΑΝ ΑΥΤΗ ΥΠΟΣΤΗ ΕΠΙΘΕΣΙΝ ΘΑ ΤΗΝ ΥΠΟΣΤΗΡΙΞΗ ΑΠΟΦΑΣΙΣΤΙΚΩΣ

ΔΑΜΑΣΚΟΣ, 28. (Άσσ. Πρές). — Το Ιράκ διεβεβαίωσε τήν Συρίαν ότι θά τήν ύποστηρίξη.

ΔΑΜΑΣΚΟΣ, 28. (Άσσ. Πρές). — Το Ιράκ διεβεβαίωσε τήν Συρίαν ότι θά τήν ύποστηρίξη.

ΔΑΜΑΣΚΟΣ, 28. (Άσσ. Πρές). — Το Ιράκ διεβεβαίωσε τήν Συρίαν ότι θά τήν ύποστηρίξη.

ΔΑΜΑΣΚΟΣ, 28. (Άσσ. Πρές). — Το Ιράκ διεβεβαίωσε τήν Συρίαν ότι θά τήν ύποστηρίξη.

ΔΑΜΑΣΚΟΣ, 28. (Άσσ. Πρές). — Το Ιράκ διεβεβαίωσε τήν Συρίαν ότι θά τήν ύποστηρίξη.

ΔΑΜΑΣΚΟΣ, 28. (Άσσ. Πρές). — Το Ιράκ διεβεβαίωσε τήν Συρίαν ότι θά τήν ύποστηρίξη.

ΔΑΜΑΣΚΟΣ, 28. (Άσσ. Πρές). — Το Ιράκ διεβεβαίωσε τήν Συρίαν ότι θά τήν ύποστηρίξη.

ΑΠΟ ΠΟΥ ΛΑΜΒΑΝΕΙ ΟΠΛΑ

ΝΗΝΕΥΑ ΕΘΝΗ, 28. (Άσσ. Πρές). — Η Συρία λαμβάνει όπλα άπό τήν Σοβιετικήν Ένωσιν.

ΝΗΝΕΥΑ ΕΘΝΗ, 28. (Άσσ. Πρές). — Η Συρία λαμβάνει όπλα άπό τήν Σοβιετικήν Ένωσιν.

ΕΙΣΚΑΘΑΡΣΙΣ Η ΑΤΜΟΣΦΑΙΡΑ

ΚΑΪΡΟΝ, 28. (Ρώυτερ). — Έπεκράτησε ήρεμία είς τήν περιοχήν.
